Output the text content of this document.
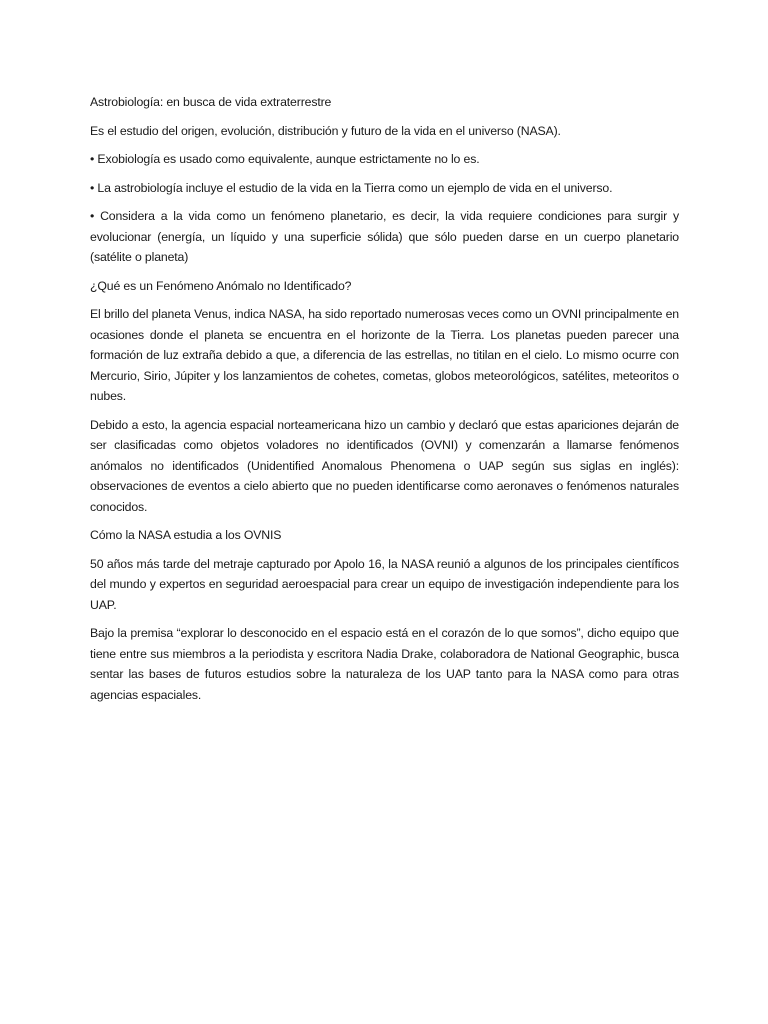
Astrobiología: en busca de vida extraterrestre

Es el estudio del origen, evolución, distribución y futuro de la vida en el universo (NASA).

• Exobiología es usado como equivalente, aunque estrictamente no lo es.

• La astrobiología incluye el estudio de la vida en la Tierra como un ejemplo de vida en el universo.

• Considera a la vida como un fenómeno planetario, es decir, la vida requiere condiciones para surgir y evolucionar (energía, un líquido y una superficie sólida) que sólo pueden darse en un cuerpo planetario (satélite o planeta)

¿Qué es un Fenómeno Anómalo no Identificado?

El brillo del planeta Venus, indica NASA, ha sido reportado numerosas veces como un OVNI principalmente en ocasiones donde el planeta se encuentra en el horizonte de la Tierra. Los planetas pueden parecer una formación de luz extraña debido a que, a diferencia de las estrellas, no titilan en el cielo. Lo mismo ocurre con Mercurio, Sirio, Júpiter y los lanzamientos de cohetes, cometas, globos meteorológicos, satélites, meteoritos o nubes.

Debido a esto, la agencia espacial norteamericana hizo un cambio y declaró que estas apariciones dejarán de ser clasificadas como objetos voladores no identificados (OVNI) y comenzarán a llamarse fenómenos anómalos no identificados (Unidentified Anomalous Phenomena o UAP según sus siglas en inglés): observaciones de eventos a cielo abierto que no pueden identificarse como aeronaves o fenómenos naturales conocidos.

Cómo la NASA estudia a los OVNIS

50 años más tarde del metraje capturado por Apolo 16, la NASA reunió a algunos de los principales científicos del mundo y expertos en seguridad aeroespacial para crear un equipo de investigación independiente para los UAP.

Bajo la premisa “explorar lo desconocido en el espacio está en el corazón de lo que somos”, dicho equipo que tiene entre sus miembros a la periodista y escritora Nadia Drake, colaboradora de National Geographic, busca sentar las bases de futuros estudios sobre la naturaleza de los UAP tanto para la NASA como para otras agencias espaciales.
